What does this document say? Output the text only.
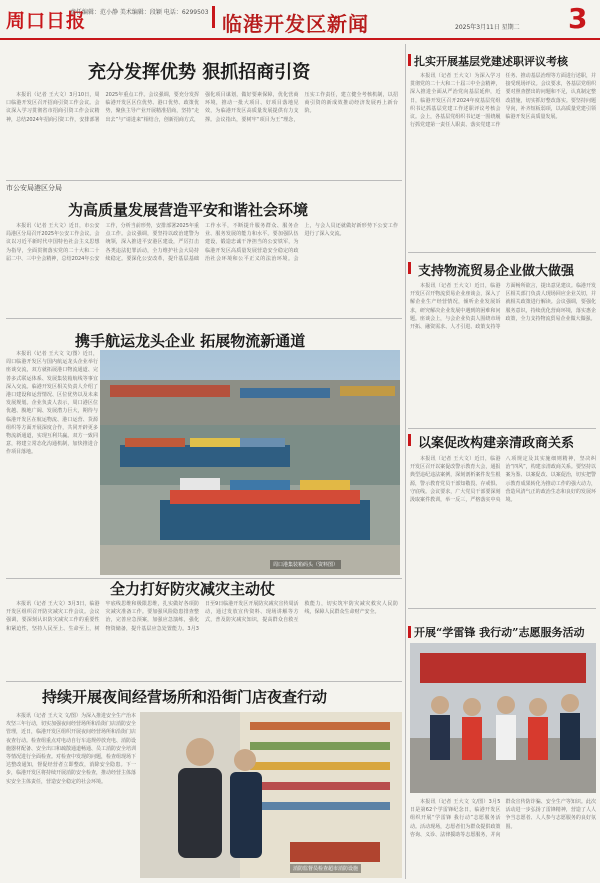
周口日报
责任编辑：范小静 美术编辑：段颖 电话：6299503 临港开发区新闻	2025年3月11日 星期二 3
充分发挥优势 狠抓招商引资

本报讯（记者 王大文）3月10日，周口临港开发区召开招商引资工作会议。会议深入学习贯彻省市招商引资工作会议精神，总结2024年招商引资工作，安排部署2025年重点工作。会议强调，要充分发挥临港开发区区位优势、港口优势、政策优势，聚焦主导产业开展精准招商，坚持“走出去”与“请进来”相结合，创新招商方式，强化项目谋划，做好要素保障，优化营商环境，推动一批大项目、好项目落地见效，为临港开发区高质量发展提供有力支撑。会议指出，要树牢“项目为王”理念，压实工作责任，建立健全考核机制，以招商引资的新成效推动经济发展再上新台阶。

市公安局港区分局
为高质量发展营造平安和谐社会环境

本报讯（记者 王大文）近日，市公安局港区分局召开2025年公安工作会议。会议以习近平新时代中国特色社会主义思想为指导，全面贯彻落实党的二十大和二十届二中、三中全会精神，总结2024年公安工作，分析当前形势，安排部署2025年重点工作。会议强调，要坚持以政治建警为统领，深入推进平安港区建设，严厉打击各类违法犯罪活动，全力维护社会大局持续稳定。要深化公安改革，提升基层基础工作水平，不断提升服务群众、服务企业、服务发展的能力和水平。要加强队伍建设，锻造忠诚干净担当的公安铁军，为临港开发区高质量发展营造安全稳定的政治社会环境和公平正义的法治环境。会上，与会人员还就做好新形势下公安工作进行了深入交流。

携手航运龙头企业 拓展物流新通道

本报讯（记者 王大文 文/图）近日，周口临港开发区与国内航运龙头企业举行座谈交流，双方就拓展港口物流通道、完善多式联运体系、发展集装箱航线等事宜深入交流。临港开发区相关负责人介绍了港口建设和运营情况、区位优势以及未来发展规划。企业负责人表示，周口港区位优越、腹地广阔、发展潜力巨大，期待与临港开发区在航运物流、港口运营、货源组织等方面开展深度合作，共同开辟更多物流新通道，实现互利共赢。双方一致同意，将建立常态化沟通机制，加快推进合作项目落地。

周口港集装箱码头（资料图）
全力打好防灾减灾主动仗

本报讯（记者 王大文）3月3日，临港开发区组织召开防灾减灾工作会议。会议强调，要深刻认识防灾减灾工作的重要性和紧迫性，坚持人民至上、生命至上，树牢底线思维和极限思维，扎实做好各项防灾减灾准备工作。要加强风险隐患排查整治，完善应急预案，加强应急演练，强化物资储备，提升基层应急处置能力。3月3日至9日临港开发区开展防灾减灾宣传周活动，通过发放宣传资料、现场讲解等方式，普及防灾减灾知识，提高群众自救互救能力，切实筑牢防灾减灾救灾人民防线，保障人民群众生命财产安全。

持续开展夜间经营场所和沿街门店夜查行动

本报讯（记者 王大文 文/图）为深入推进安全生产治本攻坚三年行动，切实加强夜间经营场所和沿街门店消防安全管理，近日，临港开发区组织开展夜间经营场所和沿街门店夜查行动。检查组重点对电动自行车违规停放充电、消防设施器材配备、安全出口和疏散通道畅通、员工消防安全培训等情况进行全面检查。对检查中发现的问题，检查组现场下达整改通知，督促经营者立即整改，消除安全隐患。下一步，临港开发区将持续开展消防安全检查，推动经营主体落实安全主体责任，营造安全稳定的社会环境。

消防监督员检查超市消防设施
扎实开展基层党建述职评议考核

本报讯（记者 王大文）为深入学习贯彻党的二十大和二十届三中全会精神，深入推进全面从严治党向基层延伸，近日，临港开发区召开2024年度基层党组织书记抓基层党建工作述职评议考核会议。会上，各基层党组织书记逐一围绕履行抓党建第一责任人职责、落实党建工作任务、推动基层治理等方面进行述职，并接受现场评议。会议要求，各基层党组织要对照查摆出的问题和不足，认真制定整改措施，切实抓好整改落实。要坚持问题导向，补齐短板弱项，以高质量党建引领临港开发区高质量发展。

支持物流贸易企业做大做强

本报讯（记者 王大文）近日，临港开发区召开物流贸易企业座谈会，深入了解企业生产经营情况，倾听企业发展诉求，研究解决企业发展中遇到的困难和问题。座谈会上，与会企业负责人围绕市场开拓、融资需求、人才引进、政策支持等方面畅所欲言，提出意见建议。临港开发区相关部门负责人现场回应企业关切，并就相关政策进行解读。会议强调，要强化服务意识，持续优化营商环境，落实惠企政策，全力支持物流贸易企业做大做强。

以案促改构建亲清政商关系

本报讯（记者 王大文）近日，临港开发区召开以案促改警示教育大会，通报典型违纪违法案例，深刻剖析案件发生根源，警示教育党员干部知敬畏、存戒惧、守底线。会议要求，广大党员干部要深刻汲取案件教训，举一反三，严格落实中央八项规定及其实施细则精神，坚决纠治“四风”，构建亲清政商关系。要坚持以案为鉴、以案促改、以案促治，切实把警示教育成果转化为推动工作的强大动力，营造风清气正的政治生态和良好的发展环境。

开展“学雷锋 我行动”志愿服务活动

本报讯（记者 王大文 文/图）3月5日是第62个学雷锋纪念日，临港开发区组织开展“学雷锋 我行动”志愿服务活动。活动现场，志愿者们为群众提供政策咨询、义诊、法律援助等志愿服务，并向群众宣传防诈骗、安全生产等知识。此次活动进一步弘扬了雷锋精神，营造了人人争当志愿者、人人参与志愿服务的良好氛围。
